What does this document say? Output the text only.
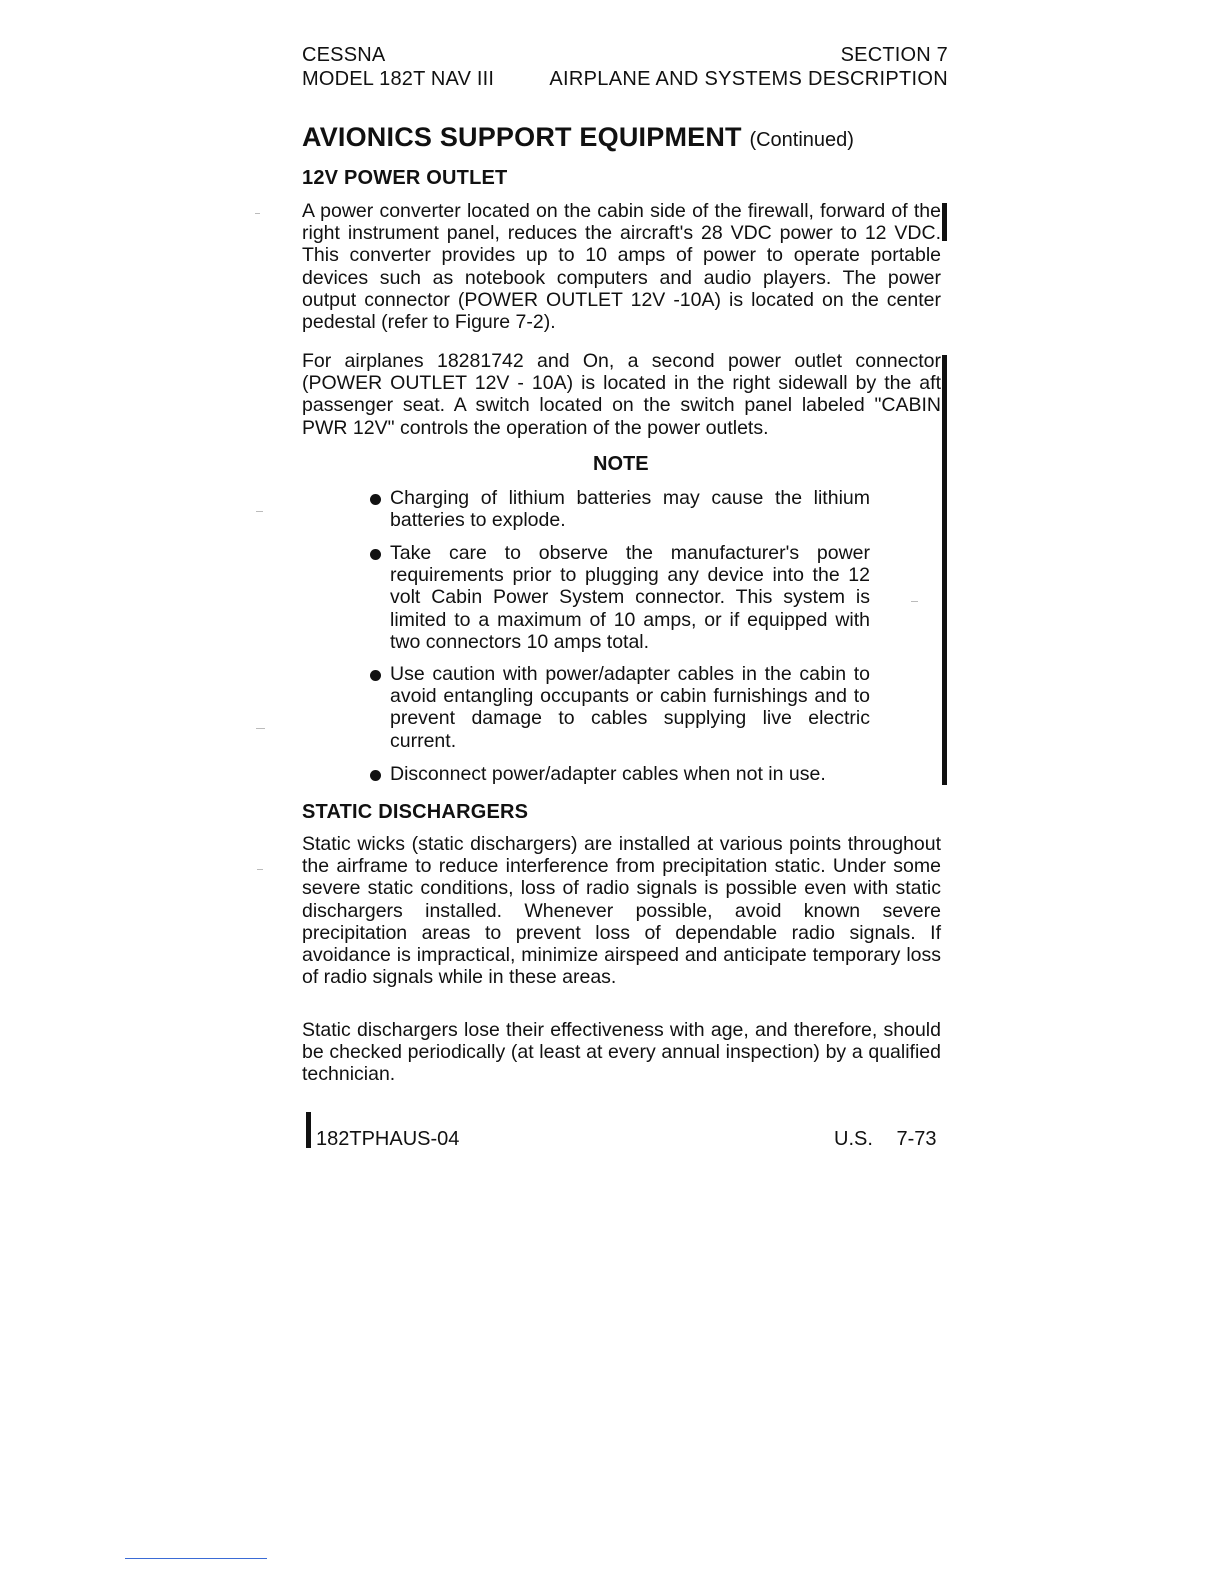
CESSNA
MODEL 182T NAV III
SECTION 7
AIRPLANE AND SYSTEMS DESCRIPTION
AVIONICS SUPPORT EQUIPMENT (Continued)
12V POWER OUTLET
A power converter located on the cabin side of the firewall, forward of the right instrument panel, reduces the aircraft's 28 VDC power to 12 VDC. This converter provides up to 10 amps of power to operate portable devices such as notebook computers and audio players. The power output connector (POWER OUTLET 12V -10A) is located on the center pedestal (refer to Figure 7-2).
For airplanes 18281742 and On, a second power outlet connector (POWER OUTLET 12V - 10A) is located in the right sidewall by the aft passenger seat. A switch located on the switch panel labeled "CABIN PWR 12V" controls the operation of the power outlets.
NOTE
Charging of lithium batteries may cause the lithium batteries to explode.
Take care to observe the manufacturer's power requirements prior to plugging any device into the 12 volt Cabin Power System connector. This system is limited to a maximum of 10 amps, or if equipped with two connectors 10 amps total.
Use caution with power/adapter cables in the cabin to avoid entangling occupants or cabin furnishings and to prevent damage to cables supplying live electric current.
Disconnect power/adapter cables when not in use.
STATIC DISCHARGERS
Static wicks (static dischargers) are installed at various points throughout the airframe to reduce interference from precipitation static. Under some severe static conditions, loss of radio signals is possible even with static dischargers installed. Whenever possible, avoid known severe precipitation areas to prevent loss of dependable radio signals. If avoidance is impractical, minimize airspeed and anticipate temporary loss of radio signals while in these areas.
Static dischargers lose their effectiveness with age, and therefore, should be checked periodically (at least at every annual inspection) by a qualified technician.
182TPHAUS-04	U.S. 7-73
